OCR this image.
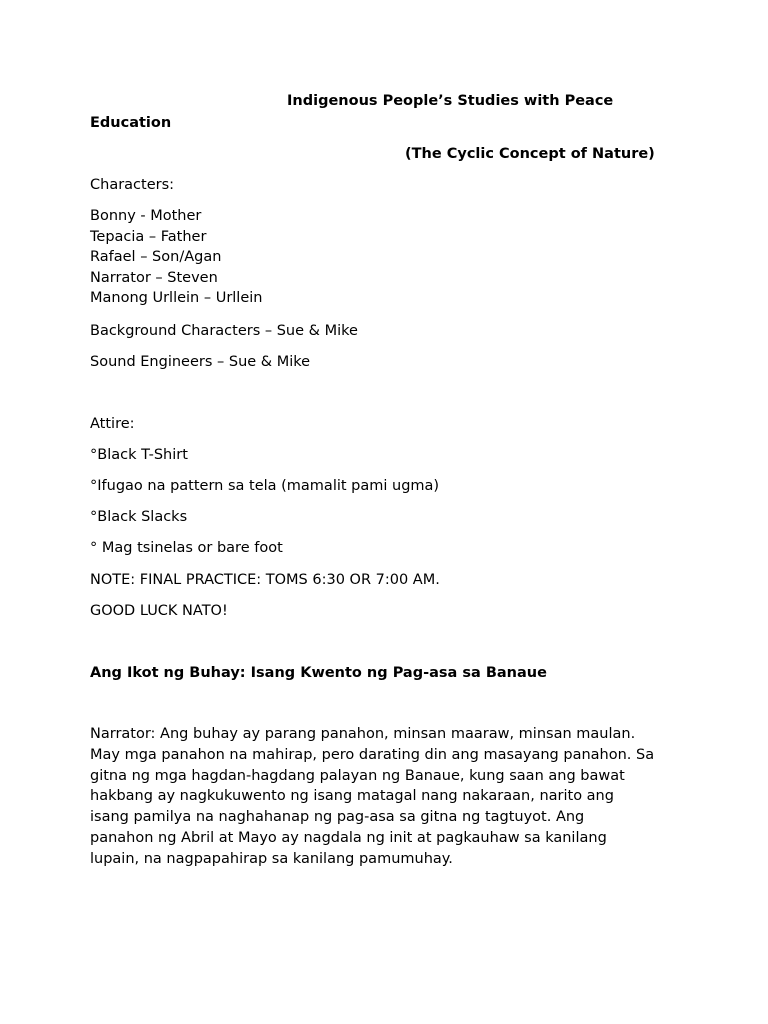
Indigenous People’s Studies with Peace
Education
(The Cyclic Concept of Nature)
Characters:
Bonny - Mother
Tepacia – Father
Rafael – Son/Agan
Narrator – Steven
Manong Urllein – Urllein
Background Characters – Sue & Mike
Sound Engineers – Sue & Mike
Attire:
°Black T-Shirt
°Ifugao na pattern sa tela (mamalit pami ugma)
°Black Slacks
° Mag tsinelas or bare foot
NOTE: FINAL PRACTICE: TOMS 6:30 OR 7:00 AM.
GOOD LUCK NATO!
Ang Ikot ng Buhay: Isang Kwento ng Pag-asa sa Banaue
Narrator: Ang buhay ay parang panahon, minsan maaraw, minsan maulan.
May mga panahon na mahirap, pero darating din ang masayang panahon. Sa
gitna ng mga hagdan-hagdang palayan ng Banaue, kung saan ang bawat
hakbang ay nagkukuwento ng isang matagal nang nakaraan, narito ang
isang pamilya na naghahanap ng pag-asa sa gitna ng tagtuyot. Ang
panahon ng Abril at Mayo ay nagdala ng init at pagkauhaw sa kanilang
lupain, na nagpapahirap sa kanilang pamumuhay.
